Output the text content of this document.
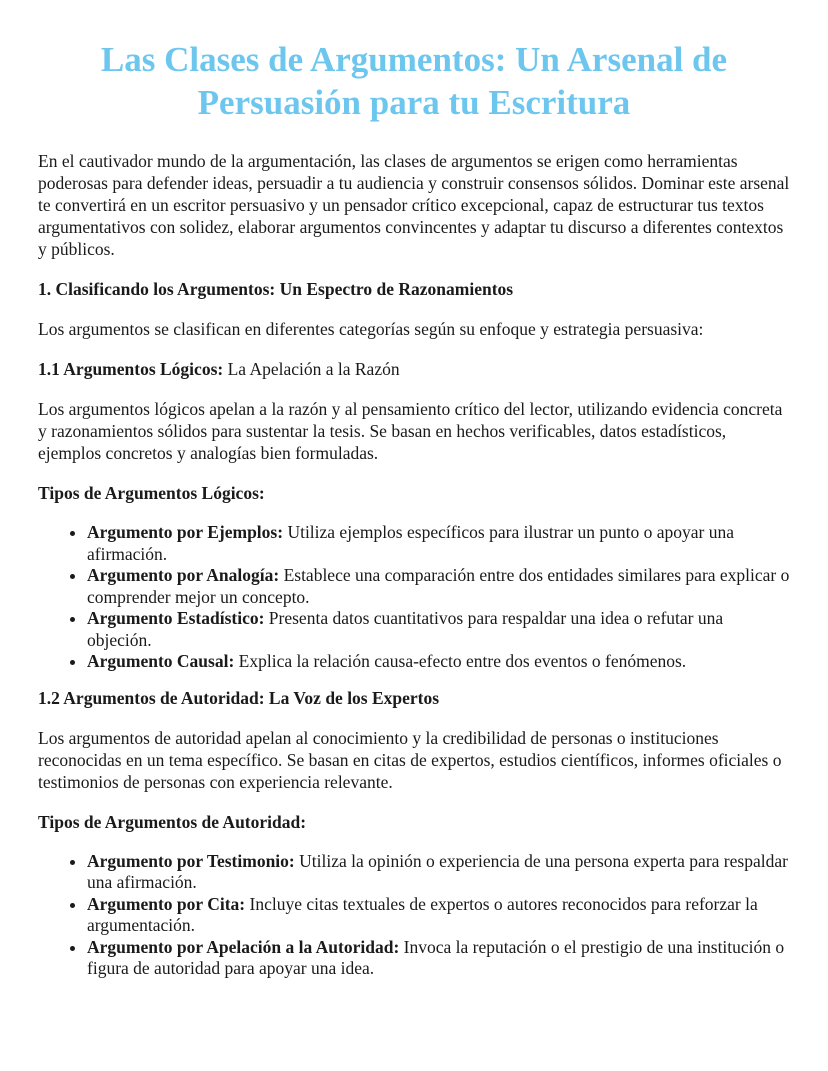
Las Clases de Argumentos: Un Arsenal de Persuasión para tu Escritura

En el cautivador mundo de la argumentación, las clases de argumentos se erigen como herramientas poderosas para defender ideas, persuadir a tu audiencia y construir consensos sólidos. Dominar este arsenal te convertirá en un escritor persuasivo y un pensador crítico excepcional, capaz de estructurar tus textos argumentativos con solidez, elaborar argumentos convincentes y adaptar tu discurso a diferentes contextos y públicos.

1. Clasificando los Argumentos: Un Espectro de Razonamientos

Los argumentos se clasifican en diferentes categorías según su enfoque y estrategia persuasiva:

1.1 Argumentos Lógicos: La Apelación a la Razón

Los argumentos lógicos apelan a la razón y al pensamiento crítico del lector, utilizando evidencia concreta y razonamientos sólidos para sustentar la tesis. Se basan en hechos verificables, datos estadísticos, ejemplos concretos y analogías bien formuladas.

Tipos de Argumentos Lógicos:

• Argumento por Ejemplos: Utiliza ejemplos específicos para ilustrar un punto o apoyar una afirmación.
• Argumento por Analogía: Establece una comparación entre dos entidades similares para explicar o comprender mejor un concepto.
• Argumento Estadístico: Presenta datos cuantitativos para respaldar una idea o refutar una objeción.
• Argumento Causal: Explica la relación causa-efecto entre dos eventos o fenómenos.
1.2 Argumentos de Autoridad: La Voz de los Expertos

Los argumentos de autoridad apelan al conocimiento y la credibilidad de personas o instituciones reconocidas en un tema específico. Se basan en citas de expertos, estudios científicos, informes oficiales o testimonios de personas con experiencia relevante.

Tipos de Argumentos de Autoridad:

• Argumento por Testimonio: Utiliza la opinión o experiencia de una persona experta para respaldar una afirmación.
• Argumento por Cita: Incluye citas textuales de expertos o autores reconocidos para reforzar la argumentación.
• Argumento por Apelación a la Autoridad: Invoca la reputación o el prestigio de una institución o figura de autoridad para apoyar una idea.
